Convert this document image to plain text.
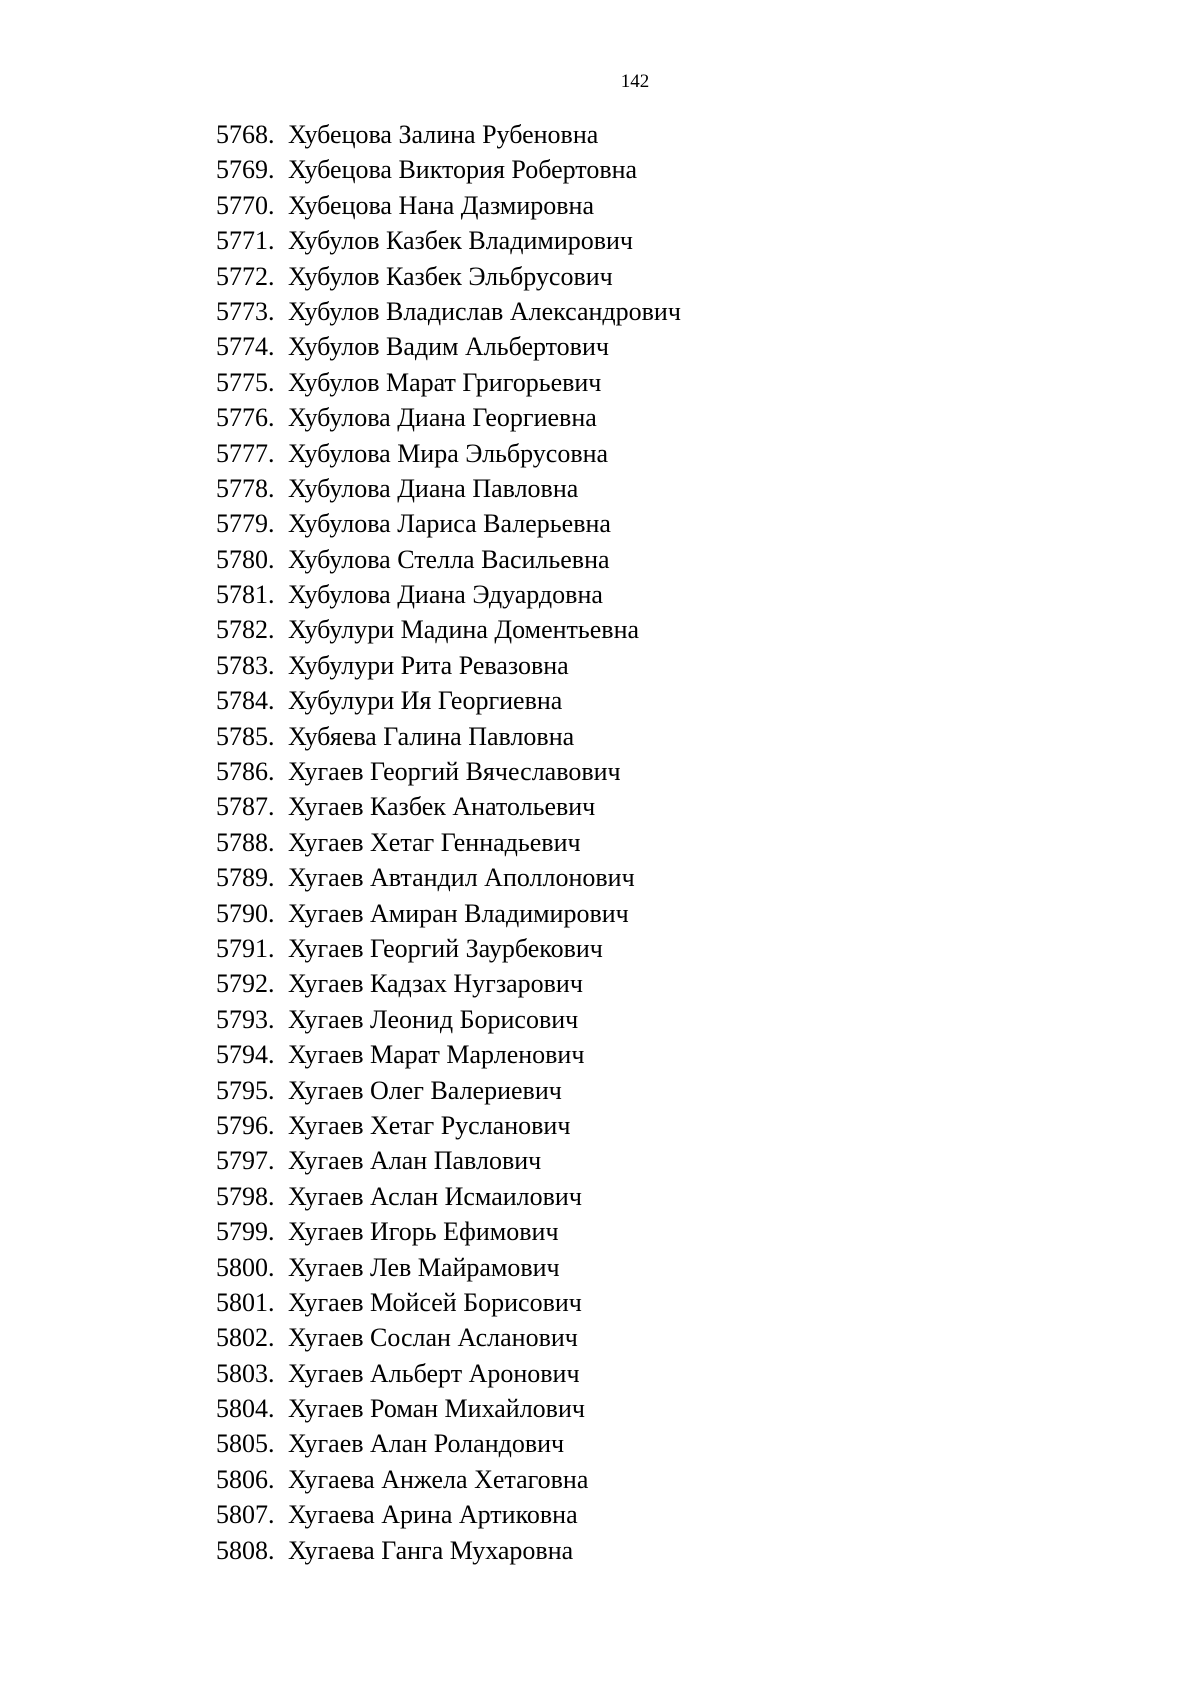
142
5768. Хубецова Залина Рубеновна
5769. Хубецова Виктория Робертовна
5770. Хубецова Нана Дазмировна
5771. Хубулов Казбек Владимирович
5772. Хубулов Казбек Эльбрусович
5773. Хубулов Владислав Александрович
5774. Хубулов Вадим Альбертович
5775. Хубулов Марат Григорьевич
5776. Хубулова Диана Георгиевна
5777. Хубулова Мира Эльбрусовна
5778. Хубулова Диана Павловна
5779. Хубулова Лариса Валерьевна
5780. Хубулова Стелла Васильевна
5781. Хубулова Диана Эдуардовна
5782. Хубулури Мадина Доментьевна
5783. Хубулури Рита Ревазовна
5784. Хубулури Ия Георгиевна
5785. Хубяева Галина Павловна
5786. Хугаев Георгий Вячеславович
5787. Хугаев Казбек Анатольевич
5788. Хугаев Хетаг Геннадьевич
5789. Хугаев Автандил Аполлонович
5790. Хугаев Амиран Владимирович
5791. Хугаев Георгий Заурбекович
5792. Хугаев Кадзах Нугзарович
5793. Хугаев Леонид Борисович
5794. Хугаев Марат Марленович
5795. Хугаев Олег Валериевич
5796. Хугаев Хетаг Русланович
5797. Хугаев Алан Павлович
5798. Хугаев Аслан Исмаилович
5799. Хугаев Игорь Ефимович
5800. Хугаев Лев Майрамович
5801. Хугаев Мойсей Борисович
5802. Хугаев Сослан Асланович
5803. Хугаев Альберт Аронович
5804. Хугаев Роман Михайлович
5805. Хугаев Алан Роландович
5806. Хугаева Анжела Хетаговна
5807. Хугаева Арина Артиковна
5808. Хугаева Ганга Мухаровна
